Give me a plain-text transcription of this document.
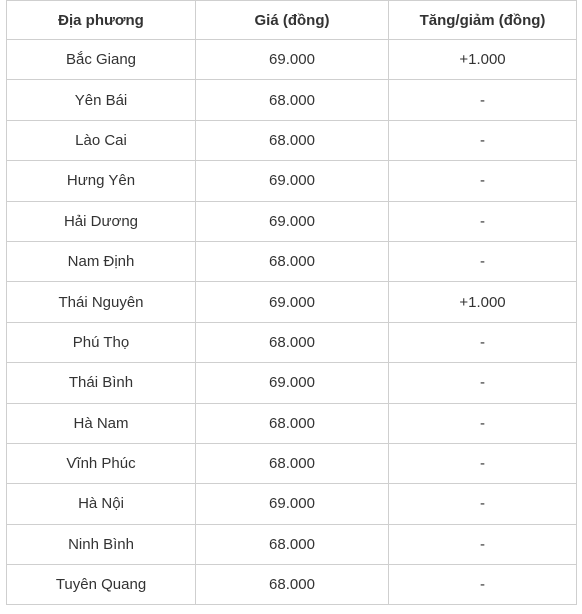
Địa phương	Giá (đồng)	Tăng/giảm (đồng)
Bắc Giang	69.000	+1.000
Yên Bái	68.000	-
Lào Cai	68.000	-
Hưng Yên	69.000	-
Hải Dương	69.000	-
Nam Định	68.000	-
Thái Nguyên	69.000	+1.000
Phú Thọ	68.000	-
Thái Bình	69.000	-
Hà Nam	68.000	-
Vĩnh Phúc	68.000	-
Hà Nội	69.000	-
Ninh Bình	68.000	-
Tuyên Quang	68.000	-
